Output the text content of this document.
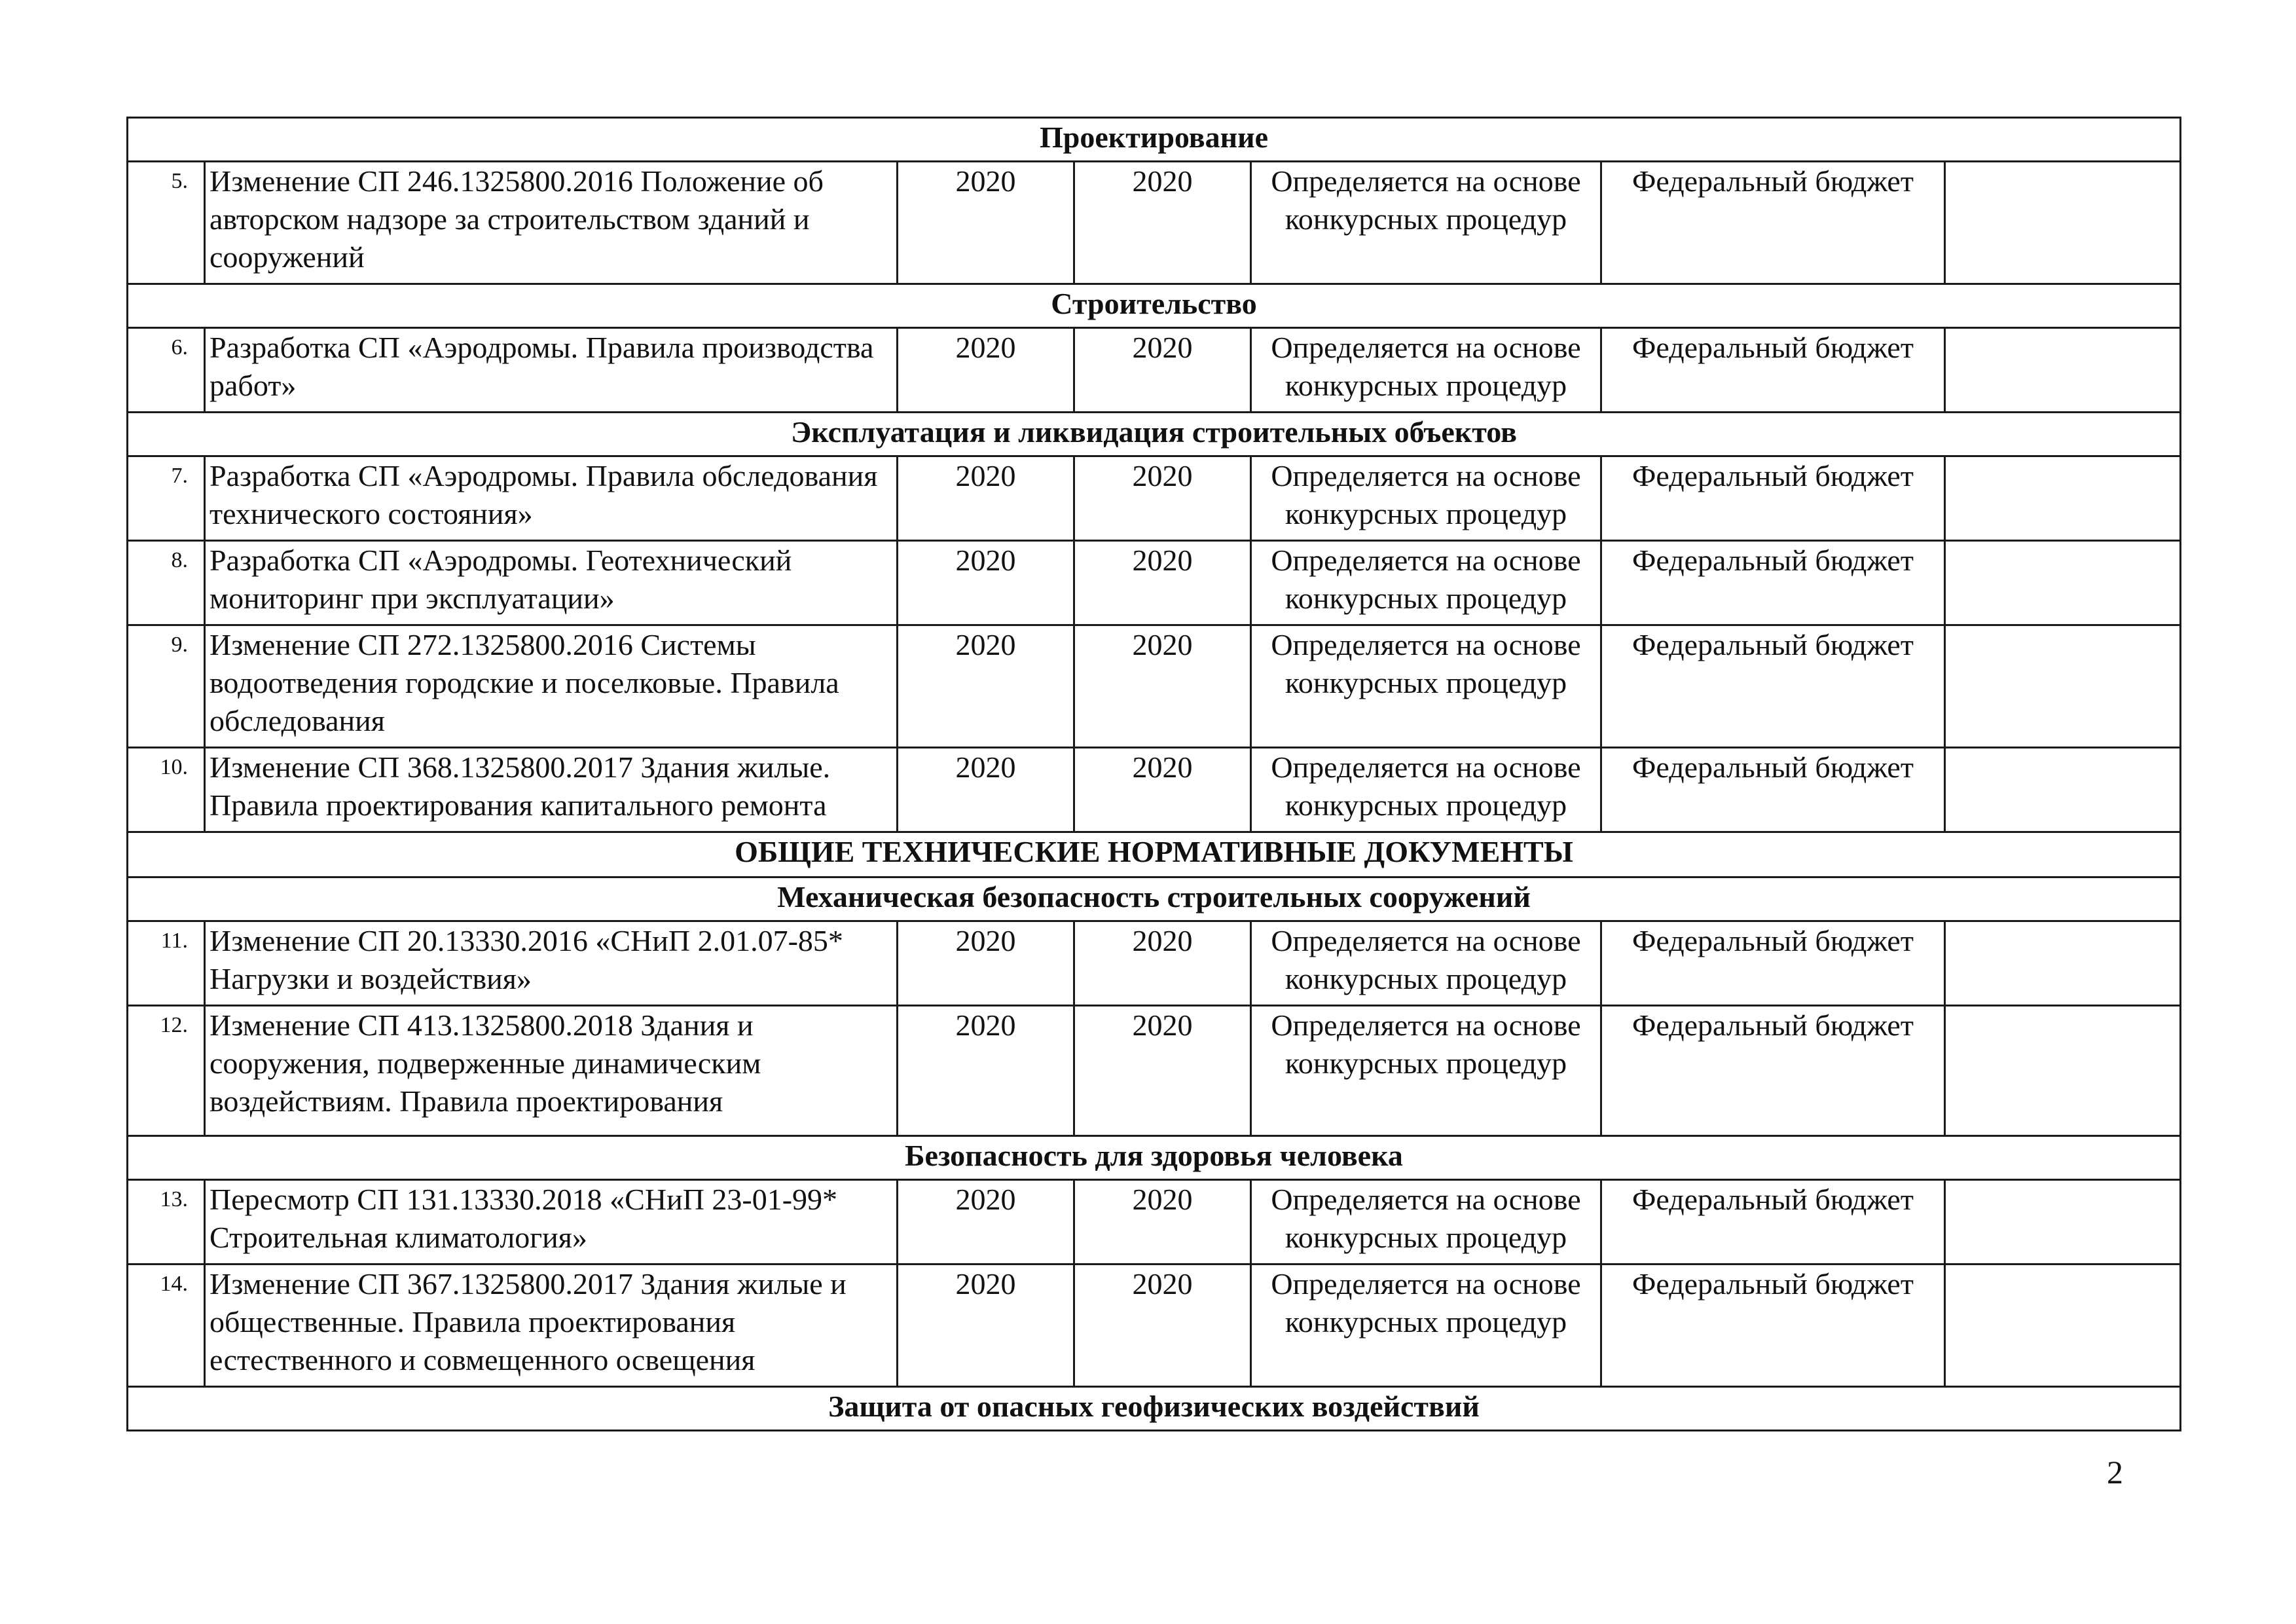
Проектирование						
5.	Изменение СП 246.1325800.2016 Положение об авторском надзоре за строительством зданий и сооружений	2020	2020	Определяется на основе конкурсных процедур	Федеральный бюджет	
Строительство						
6.	Разработка СП «Аэродромы. Правила производства работ»	2020	2020	Определяется на основе конкурсных процедур	Федеральный бюджет	
Эксплуатация и ликвидация строительных объектов						
7.	Разработка СП «Аэродромы. Правила обследования технического состояния»	2020	2020	Определяется на основе конкурсных процедур	Федеральный бюджет	
8.	Разработка СП «Аэродромы. Геотехнический мониторинг при эксплуатации»	2020	2020	Определяется на основе конкурсных процедур	Федеральный бюджет	
9.	Изменение СП 272.1325800.2016 Системы водоотведения городские и поселковые. Правила обследования	2020	2020	Определяется на основе конкурсных процедур	Федеральный бюджет	
10.	Изменение СП 368.1325800.2017 Здания жилые. Правила проектирования капитального ремонта	2020	2020	Определяется на основе конкурсных процедур	Федеральный бюджет	
ОБЩИЕ ТЕХНИЧЕСКИЕ НОРМАТИВНЫЕ ДОКУМЕНТЫ						
Механическая безопасность строительных сооружений						
11.	Изменение СП 20.13330.2016 «СНиП 2.01.07-85* Нагрузки и воздействия»	2020	2020	Определяется на основе конкурсных процедур	Федеральный бюджет	
12.	Изменение СП 413.1325800.2018 Здания и сооружения, подверженные динамическим воздействиям. Правила проектирования	2020	2020	Определяется на основе конкурсных процедур	Федеральный бюджет	
Безопасность для здоровья человека						
13.	Пересмотр СП 131.13330.2018 «СНиП 23-01-99* Строительная климатология»	2020	2020	Определяется на основе конкурсных процедур	Федеральный бюджет	
14.	Изменение СП 367.1325800.2017 Здания жилые и общественные. Правила проектирования естественного и совмещенного освещения	2020	2020	Определяется на основе конкурсных процедур	Федеральный бюджет	
Защита от опасных геофизических воздействий						
2
